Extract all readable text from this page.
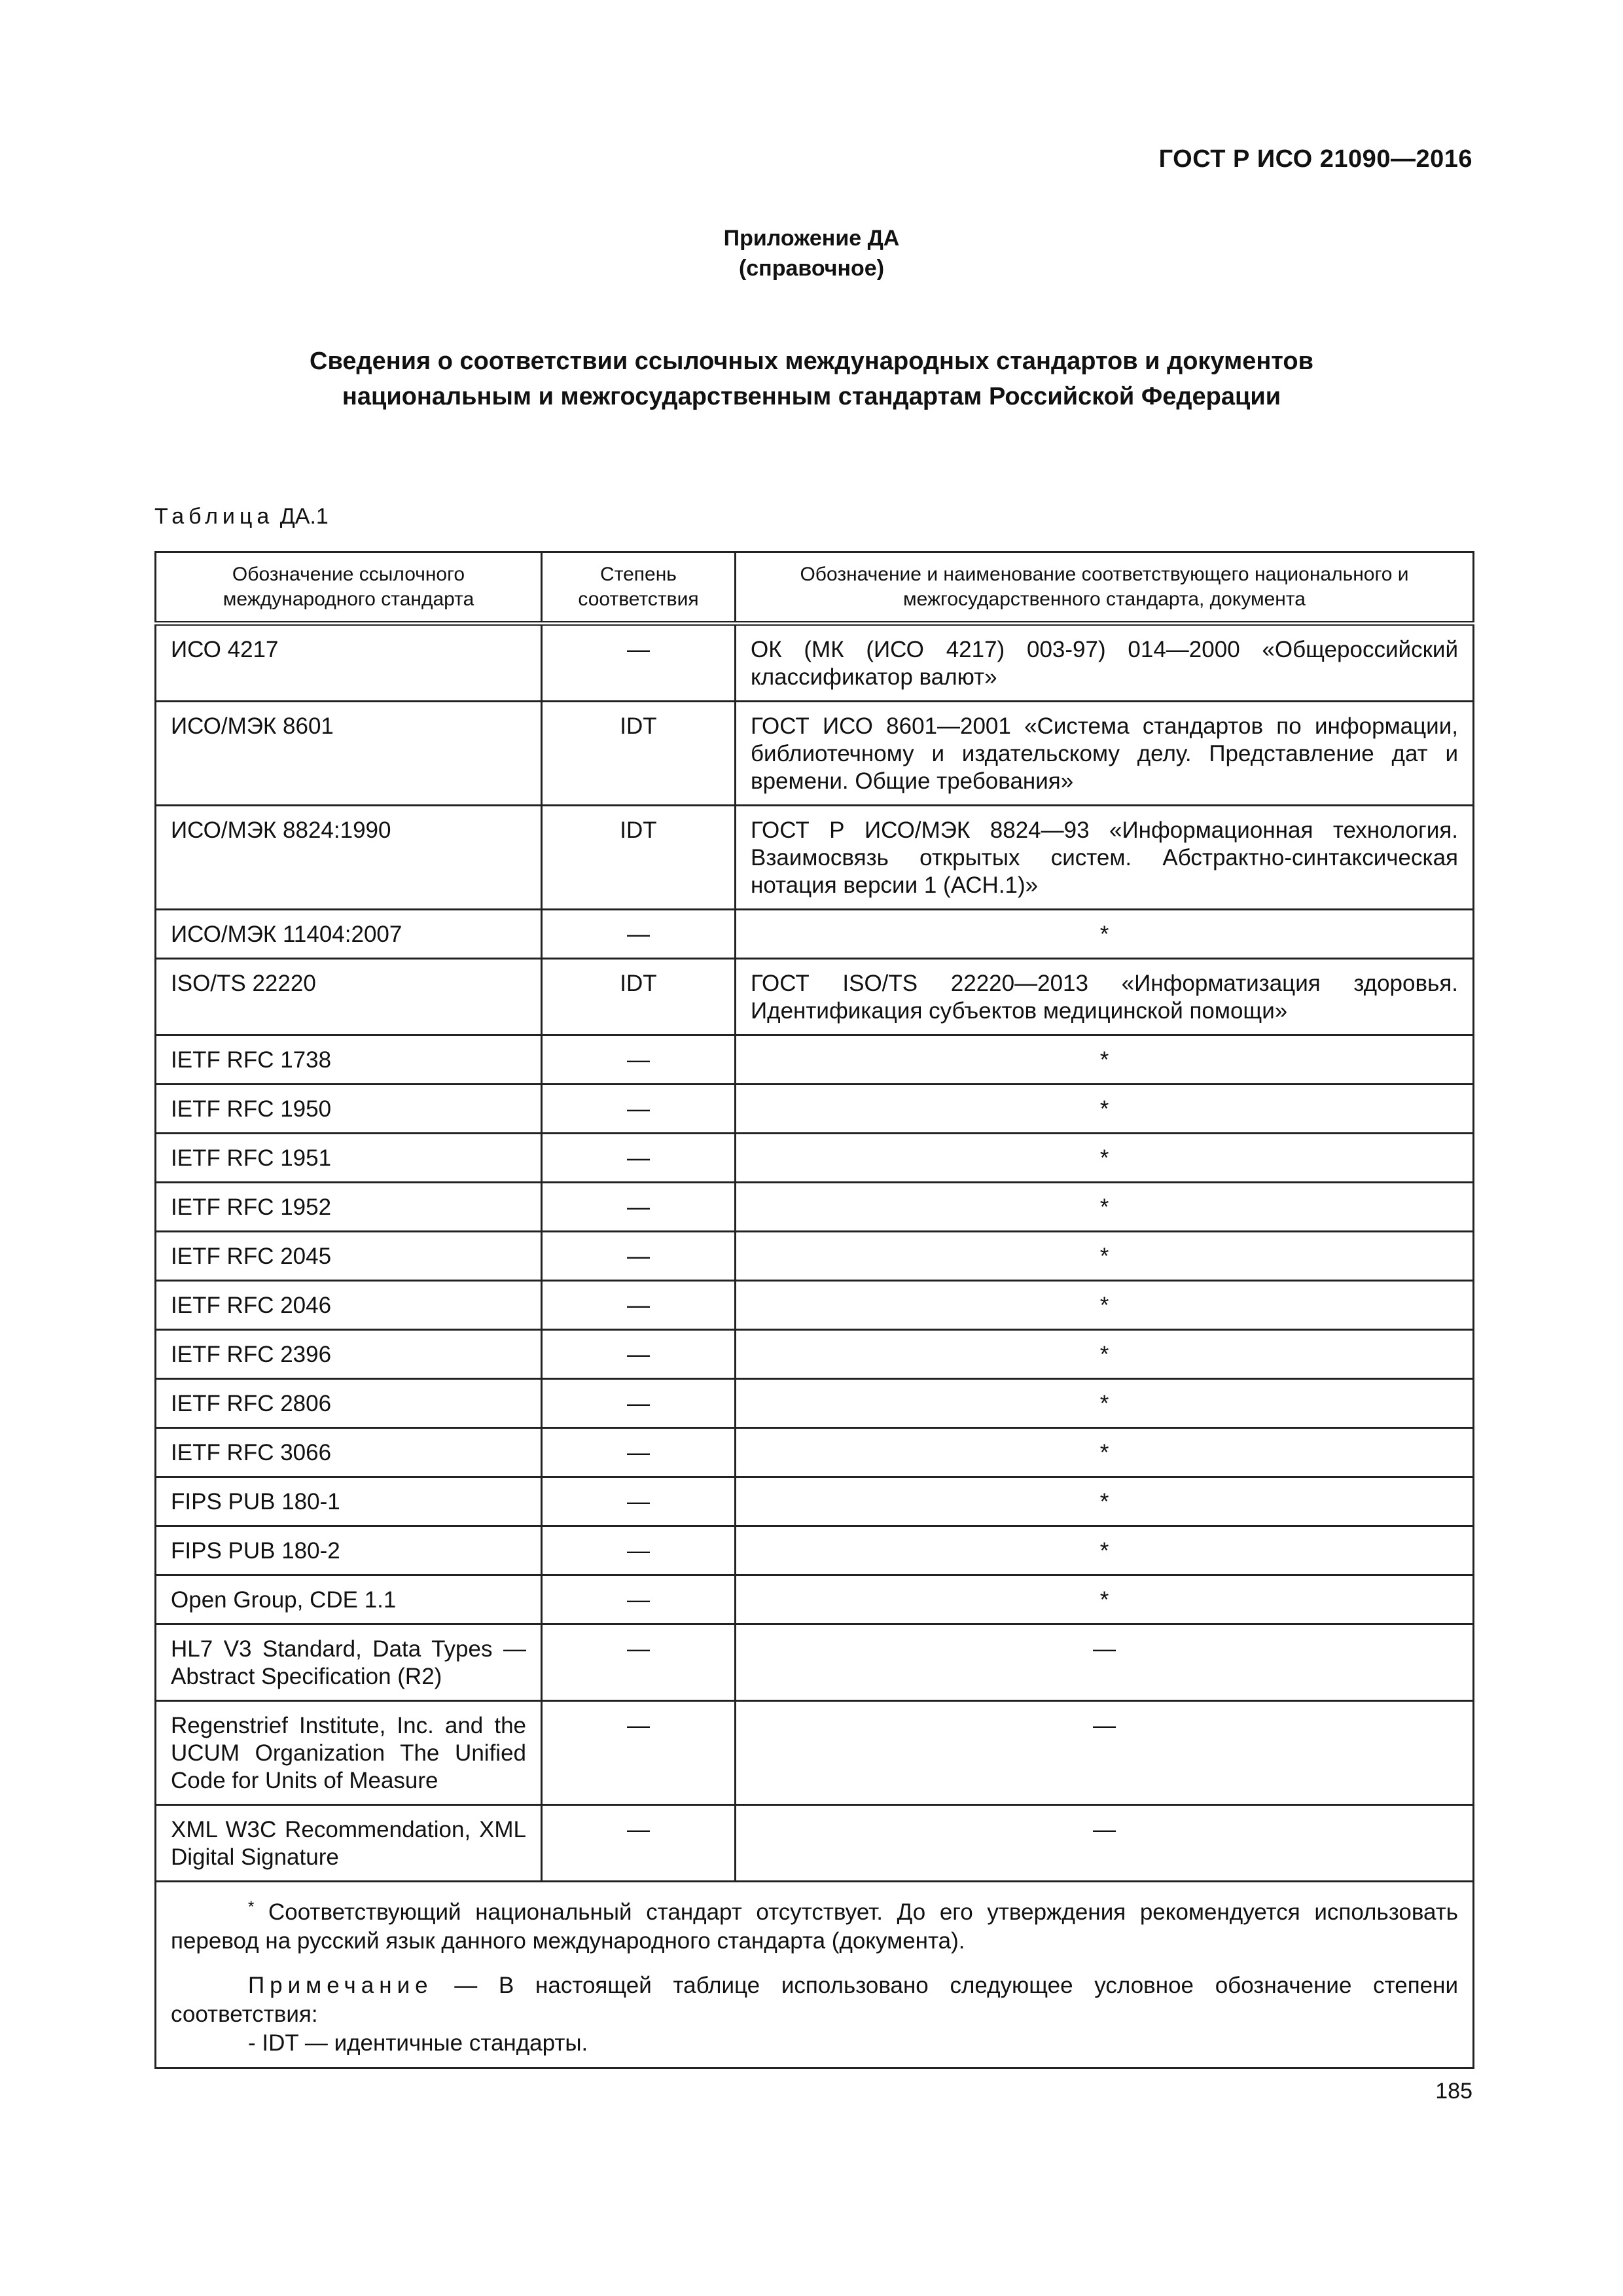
ГОСТ Р ИСО 21090—2016
Приложение ДА
(справочное)
Сведения о соответствии ссылочных международных стандартов и документов
национальным и межгосударственным стандартам Российской Федерации
Таблица ДА.1
Обозначение ссылочного международного стандарта	Степень соответствия	Обозначение и наименование соответствующего национального и межгосударственного стандарта, документа
ИСО 4217	—	ОК (МК (ИСО 4217) 003-97) 014—2000 «Общероссийский классификатор валют»
ИСО/МЭК 8601	IDT	ГОСТ ИСО 8601—2001 «Система стандартов по информации, библиотечному и издательскому делу. Представление дат и времени. Общие требования»
ИСО/МЭК 8824:1990	IDT	ГОСТ Р ИСО/МЭК 8824—93 «Информационная технология. Взаимосвязь открытых систем. Абстрактно-синтаксическая нотация версии 1 (АСН.1)»
ИСО/МЭК 11404:2007	—	*
ISO/TS 22220	IDT	ГОСТ ISO/TS 22220—2013 «Информатизация здоровья. Идентификация субъектов медицинской помощи»
IETF RFC 1738	—	*
IETF RFC 1950	—	*
IETF RFC 1951	—	*
IETF RFC 1952	—	*
IETF RFC 2045	—	*
IETF RFC 2046	—	*
IETF RFC 2396	—	*
IETF RFC 2806	—	*
IETF RFC 3066	—	*
FIPS PUB 180-1	—	*
FIPS PUB 180-2	—	*
Open Group, CDE 1.1	—	*
HL7 V3 Standard, Data Types — Abstract Specification (R2)	—	—
Regenstrief Institute, Inc. and the UCUM Organization The Unified Code for Units of Measure	—	—
XML W3C Recommendation, XML Digital Signature	—	—

* Соответствующий национальный стандарт отсутствует. До его утверждения рекомендуется использовать перевод на русский язык данного международного стандарта (документа).

Примечание — В настоящей таблице использовано следующее условное обозначение степени соответствия:

- IDT — идентичные стандарты.		

185
